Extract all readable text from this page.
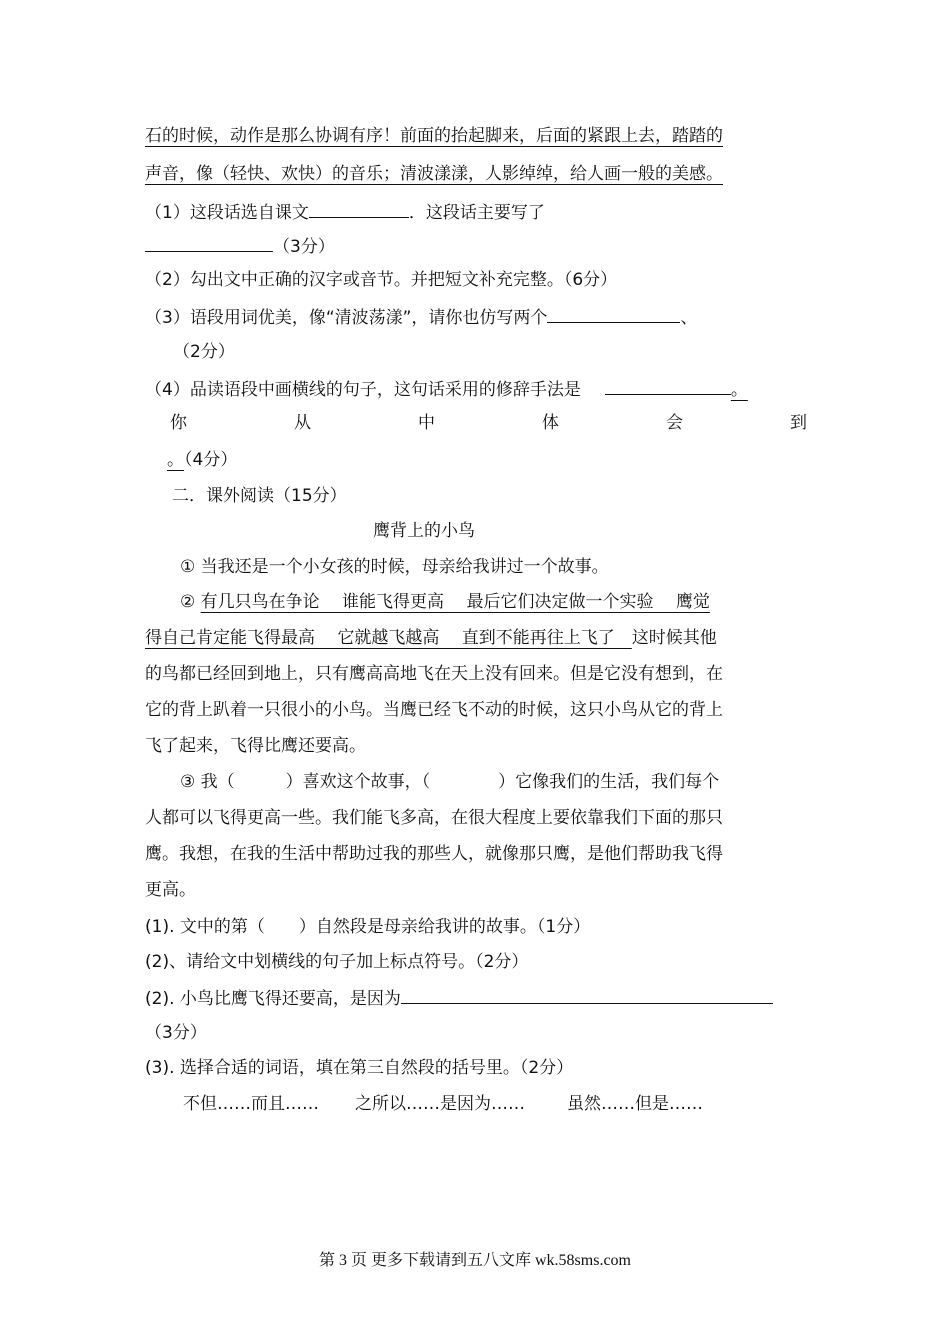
石的时候，动作是那么协调有序！前面的抬起脚来，后面的紧跟上去，踏踏的
声音，像（轻快、欢快）的音乐；清波漾漾，人影绰绰，给人画一般的美感。
（1）这段话选自课文	．这段话主要写了
（3分）
（2）勾出文中正确的汉字或音节。并把短文补充完整。（6分）
（3）语段用词优美，像“清波荡漾”，请你也仿写两个	、
（2分）
（4）品读语段中画横线的句子，这句话采用的修辞手法是	。
你	从	中	体	会	到
。（4分）
二．课外阅读（15分）
鹰背上的小鸟
① 当我还是一个小女孩的时候，母亲给我讲过一个故事。
② 有几只鸟在争论　 谁能飞得更高　 最后它们决定做一个实验　 鹰觉
得自己肯定能飞得最高　 它就越飞越高　 直到不能再往上飞了　这时候其他
的鸟都已经回到地上，只有鹰高高地飞在天上没有回来。但是它没有想到，在
它的背上趴着一只很小的小鸟。当鹰已经飞不动的时候，这只小鸟从它的背上
飞了起来，飞得比鹰还要高。
③ 我（　　　）喜欢这个故事，（　　　　）它像我们的生活，我们每个
人都可以飞得更高一些。我们能飞多高，在很大程度上要依靠我们下面的那只
鹰。我想，在我的生活中帮助过我的那些人，就像那只鹰，是他们帮助我飞得
更高。
(1). 文中的第（　　）自然段是母亲给我讲的故事。（1分）
(2)、请给文中划横线的句子加上标点符号。（2分）
(2). 小鸟比鹰飞得还要高，是因为
（3分）
(3). 选择合适的词语，填在第三自然段的括号里。（2分）
不但……而且…… 之所以……是因为…… 虽然……但是……
第 3 页 更多下载请到五八文库 wk.58sms.com
